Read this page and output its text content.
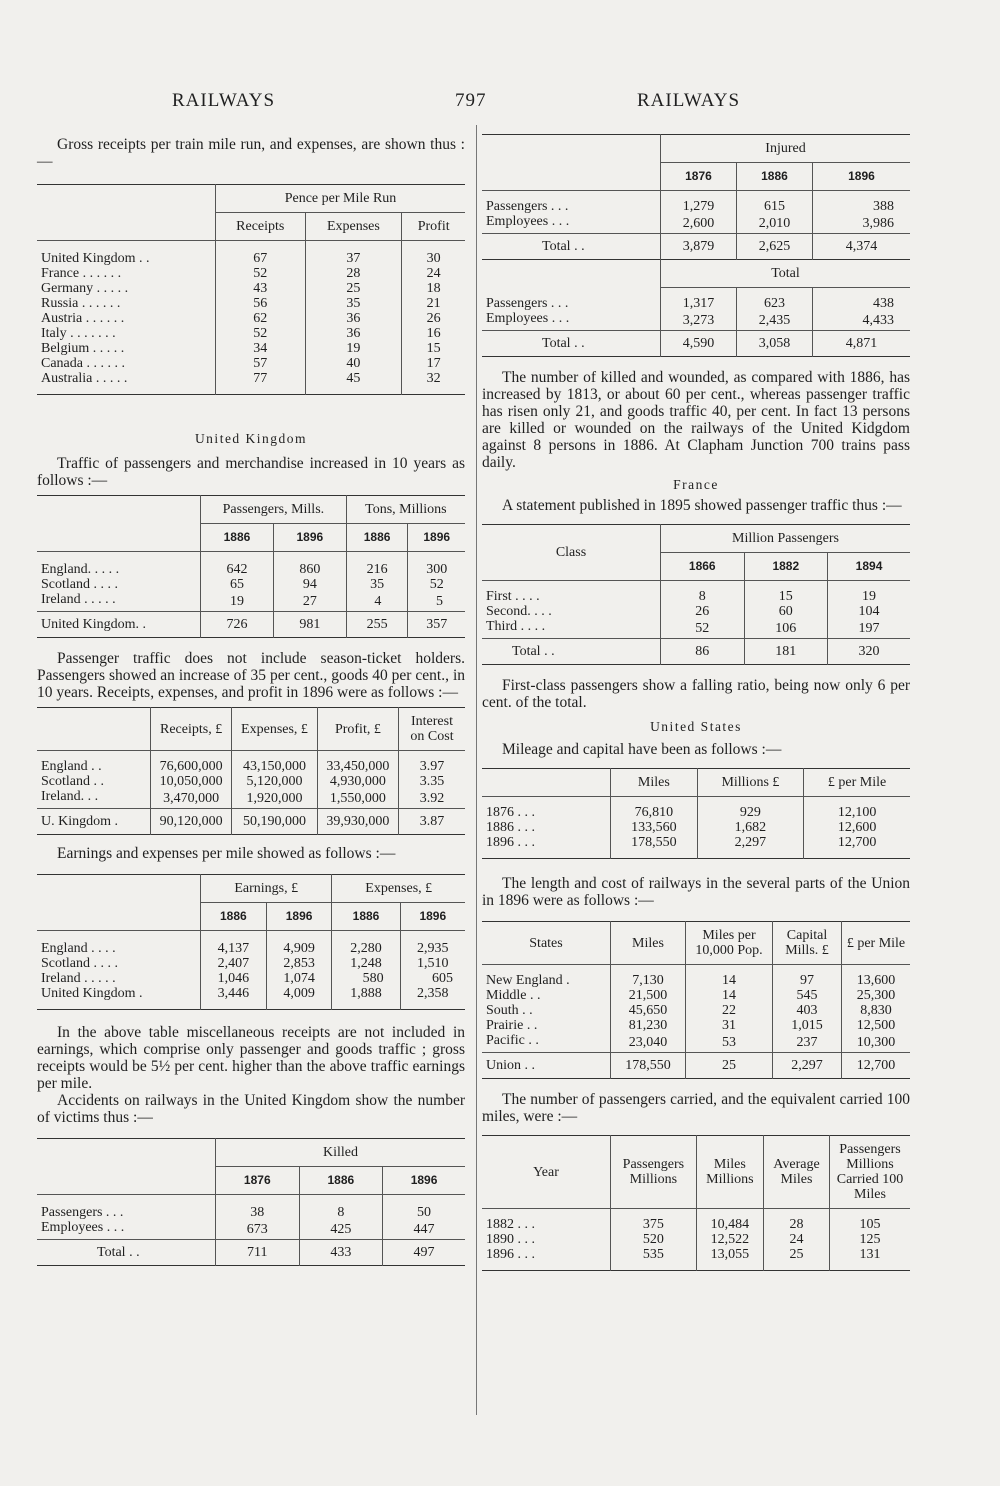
RAILWAYS	797	RAILWAYS

Gross receipts per train mile run, and expenses, are shown thus :—

	Pence per Mile Run		
	Receipts	Expenses	Profit
United Kingdom . .	67	37	30
France . . . . . .	52	28	24
Germany . . . . .	43	25	18
Russia . . . . . .	56	35	21
Austria . . . . . .	62	36	26
Italy . . . . . . .	52	36	16
Belgium . . . . .	34	19	15
Canada . . . . . .	57	40	17
Australia . . . . .	77	45	32
United Kingdom

Traffic of passengers and merchandise increased in 10 years as follows :—

	Passengers, Mills.		Tons, Millions	
	1886	1896	1886	1896
England. . . . .	642	860	216	300
Scotland . . . .	65	94	35	52
Ireland . . . . .	19	27	4	5
United Kingdom. .	726	981	255	357

Passenger traffic does not include season-ticket holders. Passengers showed an increase of 35 per cent., goods 40 per cent., in 10 years. Receipts, expenses, and profit in 1896 were as follows :—

	Receipts, £	Expenses, £	Profit, £	Interest on Cost
England . .	76,600,000	43,150,000	33,450,000	3.97
Scotland . .	10,050,000	5,120,000	4,930,000	3.35
Ireland. . .	3,470,000	1,920,000	1,550,000	3.92
U. Kingdom .	90,120,000	50,190,000	39,930,000	3.87

Earnings and expenses per mile showed as follows :—

	Earnings, £		Expenses, £	
	1886	1896	1886	1896
England . . . .	4,137	4,909	2,280	2,935
Scotland . . . .	2,407	2,853	1,248	1,510
Ireland . . . . .	1,046	1,074	580	605
United Kingdom .	3,446	4,009	1,888	2,358

In the above table miscellaneous receipts are not included in earnings, which comprise only passenger and goods traffic ; gross receipts would be 5½ per cent. higher than the above traffic earnings per mile.

Accidents on railways in the United Kingdom show the number of victims thus :—

	Killed		
	1876	1886	1896
Passengers . . .	38	8	50
Employees . . .	673	425	447
Total . .	711	433	497
	Injured		
	1876	1886	1896
Passengers . . .	1,279	615	388
Employees . . .	2,600	2,010	3,986
Total . .	3,879	2,625	4,374
	Total		
Passengers . . .	1,317	623	438
Employees . . .	3,273	2,435	4,433
Total . .	4,590	3,058	4,871

The number of killed and wounded, as compared with 1886, has increased by 1813, or about 60 per cent., whereas passenger traffic has risen only 21, and goods traffic 40, per cent. In fact 13 persons are killed or wounded on the railways of the United Kidgdom against 8 persons in 1886. At Clapham Junction 700 trains pass daily.

France

A statement published in 1895 showed passenger traffic thus :—

Class	Million Passengers		
	1866	1882	1894
First . . . .	8	15	19
Second. . . .	26	60	104
Third . . . .	52	106	197
Total . .	86	181	320

First-class passengers show a falling ratio, being now only 6 per cent. of the total.

United States

Mileage and capital have been as follows :—

	Miles	Millions £	£ per Mile
1876 . . .	76,810	929	12,100
1886 . . .	133,560	1,682	12,600
1896 . . .	178,550	2,297	12,700

The length and cost of railways in the several parts of the Union in 1896 were as follows :—

States	Miles	Miles per 10,000 Pop.	Capital Mills. £	£ per Mile
New England .	7,130	14	97	13,600
Middle . .	21,500	14	545	25,300
South . .	45,650	22	403	8,830
Prairie . .	81,230	31	1,015	12,500
Pacific . .	23,040	53	237	10,300
Union . .	178,550	25	2,297	12,700

The number of passengers carried, and the equivalent carried 100 miles, were :—

Year	Passengers Millions	Miles Millions	Average Miles	Passengers Millions Carried 100 Miles
1882 . . .	375	10,484	28	105
1890 . . .	520	12,522	24	125
1896 . . .	535	13,055	25	131
